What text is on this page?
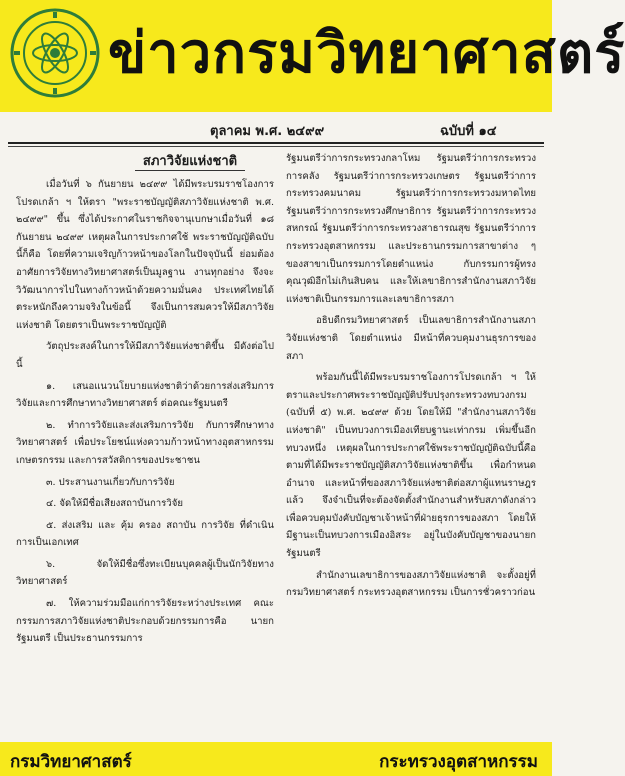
ข่าวกรมวิทยาศาสตร์
ตุลาคม พ.ศ. ๒๔๙๙	ฉบับที่ ๑๔
สภาวิจัยแห่งชาติ

เมื่อวันที่ ๖ กันยายน ๒๔๙๙ ได้มีพระบรมราชโองการโปรดเกล้า ฯ ให้ตรา "พระราชบัญญัติสภาวิจัยแห่งชาติ พ.ศ. ๒๔๙๙" ขึ้น ซึ่งได้ประกาศในราชกิจจานุเบกษาเมื่อวันที่ ๑๘ กันยายน ๒๔๙๙ เหตุผลในการประกาศใช้ พระราชบัญญัติฉบับนี้ก็คือ โดยที่ความเจริญก้าวหน้าของโลกในปัจจุบันนี้ ย่อมต้องอาศัยการวิจัยทางวิทยาศาสตร์เป็นมูลฐาน งานทุกอย่าง จึงจะวิวัฒนาการไปในทางก้าวหน้าด้วยความมั่นคง ประเทศไทยได้ตระหนักถึงความจริงในข้อนี้ จึงเป็นการสมควรให้มีสภาวิจัยแห่งชาติ โดยตราเป็นพระราชบัญญัติ

วัตถุประสงค์ในการให้มีสภาวิจัยแห่งชาติขึ้น มีดังต่อไปนี้

๑. เสนอแนวนโยบายแห่งชาติว่าด้วยการส่งเสริมการวิจัยและการศึกษาทางวิทยาศาสตร์ ต่อคณะรัฐมนตรี

๒. ทำการวิจัยและส่งเสริมการวิจัย กับการศึกษาทางวิทยาศาสตร์ เพื่อประโยชน์แห่งความก้าวหน้าทางอุตสาหกรรม เกษตรกรรม และการสวัสดิการของประชาชน

๓. ประสานงานเกี่ยวกับการวิจัย

๔. จัดให้มีชื่อเสียงสถาบันการวิจัย

๕. ส่งเสริม และ คุ้ม ครอง สถาบัน การวิจัย ที่ดำเนินการเป็นเอกเทศ

๖. จัดให้มีชื่อซึ่งทะเบียนบุคคลผู้เป็นนักวิจัยทางวิทยาศาสตร์

๗. ให้ความร่วมมือแก่การวิจัยระหว่างประเทศ คณะกรรมการสภาวิจัยแห่งชาติประกอบด้วยกรรมการคือ นายกรัฐมนตรี เป็นประธานกรรมการ

รัฐมนตรีว่าการกระทรวงกลาโหม รัฐมนตรีว่าการกระทรวงการคลัง รัฐมนตรีว่าการกระทรวงเกษตร รัฐมนตรีว่าการกระทรวงคมนาคม รัฐมนตรีว่าการกระทรวงมหาดไทย รัฐมนตรีว่าการกระทรวงศึกษาธิการ รัฐมนตรีว่าการกระทรวงสหกรณ์ รัฐมนตรีว่าการกระทรวงสาธารณสุข รัฐมนตรีว่าการกระทรวงอุตสาหกรรม และประธานกรรมการสาขาต่าง ๆ ของสาขาเป็นกรรมการโดยตำแหน่ง กับกรรมการผู้ทรงคุณวุฒิอีกไม่เกินสิบคน และให้เลขาธิการสำนักงานสภาวิจัยแห่งชาติเป็นกรรมการและเลขาธิการสภา

อธิบดีกรมวิทยาศาสตร์ เป็นเลขาธิการสำนักงานสภาวิจัยแห่งชาติ โดยตำแหน่ง มีหน้าที่ควบคุมงานธุรการของสภา

พร้อมกันนี้ได้มีพระบรมราชโองการโปรดเกล้า ฯ ให้ตราและประกาศพระราชบัญญัติปรับปรุงกระทรวงทบวงกรม (ฉบับที่ ๕) พ.ศ. ๒๔๙๙ ด้วย โดยให้มี "สำนักงานสภาวิจัยแห่งชาติ" เป็นทบวงการเมืองเทียบฐานะเท่ากรม เพิ่มขึ้นอีกทบวงหนึ่ง เหตุผลในการประกาศใช้พระราชบัญญัติฉบับนี้คือ ตามที่ได้มีพระราชบัญญัติสภาวิจัยแห่งชาติขึ้น เพื่อกำหนดอำนาจ และหน้าที่ของสภาวิจัยแห่งชาติต่อสภาผู้แทนราษฎรแล้ว จึงจำเป็นที่จะต้องจัดตั้งสำนักงานสำหรับสภาดังกล่าว เพื่อควบคุมบังคับบัญชาเจ้าหน้าที่ฝ่ายธุรการของสภา โดยให้มีฐานะเป็นทบวงการเมืองอิสระ อยู่ในบังคับบัญชาของนายกรัฐมนตรี

สำนักงานเลขาธิการของสภาวิจัยแห่งชาติ จะตั้งอยู่ที่กรมวิทยาศาสตร์ กระทรวงอุตสาหกรรม เป็นการชั่วคราวก่อน

กรมวิทยาศาสตร์	กระทรวงอุตสาหกรรม
